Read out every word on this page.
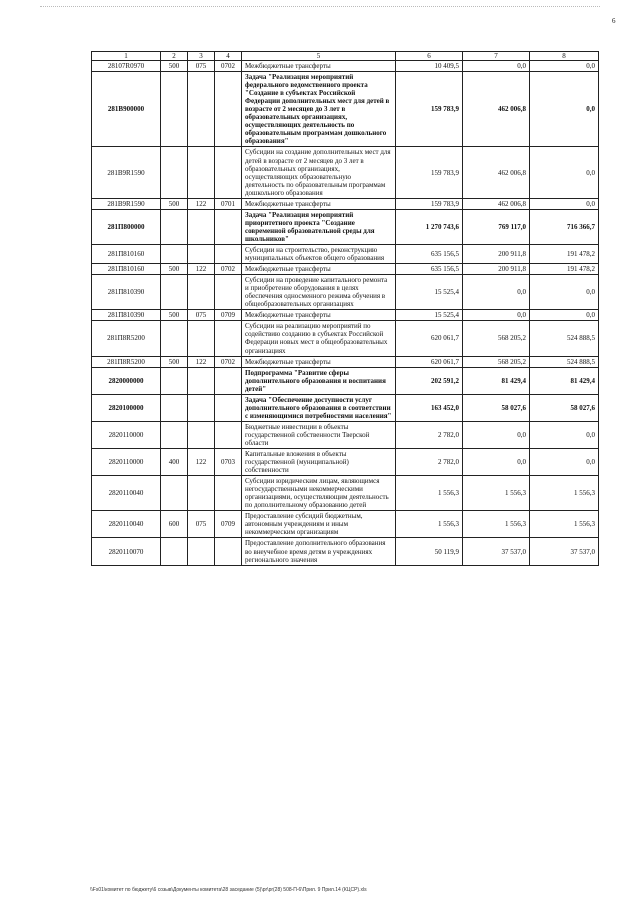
6
1	2	3	4	5	6	7	8
28107R0970	500	075	0702	Межбюджетные трансферты	10 409,5	0,0	0,0
281В900000				Задача "Реализация мероприятий федерального ведомственного проекта "Создание в субъектах Российской Федерации дополнительных мест для детей в возрасте от 2 месяцев до 3 лет в образовательных организациях, осуществляющих деятельность по образовательным программам дошкольного образования"	159 783,9	462 006,8	0,0
281В9R1590				Субсидии на создание дополнительных мест для детей в возрасте от 2 месяцев до 3 лет в образовательных организациях, осуществляющих образовательную деятельность по образовательным программам дошкольного образования	159 783,9	462 006,8	0,0
281В9R1590	500	122	0701	Межбюджетные трансферты	159 783,9	462 006,8	0,0
281П800000				Задача "Реализация мероприятий приоритетного проекта "Создание современной образовательной среды для школьников"	1 270 743,6	769 117,0	716 366,7
281П810160				Субсидии на строительство, реконструкцию муниципальных объектов общего образования	635 156,5	200 911,8	191 478,2
281П810160	500	122	0702	Межбюджетные трансферты	635 156,5	200 911,8	191 478,2
281П810390				Субсидии на проведение капитального ремонта и приобретение оборудования в целях обеспечения односменного режима обучения в общеобразовательных организациях	15 525,4	0,0	0,0
281П810390	500	075	0709	Межбюджетные трансферты	15 525,4	0,0	0,0
281П8R5200				Субсидии на реализацию мероприятий по содействию созданию в субъектах Российской Федерации новых мест в общеобразовательных организациях	620 061,7	568 205,2	524 888,5
281П8R5200	500	122	0702	Межбюджетные трансферты	620 061,7	568 205,2	524 888,5
2820000000				Подпрограмма "Развитие сферы дополнительного образования и воспитания детей"	202 591,2	81 429,4	81 429,4
2820100000				Задача "Обеспечение доступности услуг дополнительного образования в соответствии с изменяющимися потребностями населения"	163 452,0	58 027,6	58 027,6
2820110000				Бюджетные инвестиции в объекты государственной собственности Тверской области	2 782,0	0,0	0,0
2820110000	400	122	0703	Капитальные вложения в объекты государственной (муниципальной) собственности	2 782,0	0,0	0,0
2820110040				Субсидии юридическим лицам, являющимся негосударственными некоммерческими организациями, осуществляющим деятельность по дополнительному образованию детей	1 556,3	1 556,3	1 556,3
2820110040	600	075	0709	Предоставление субсидий бюджетным, автономным учреждениям и иным некоммерческим организациям	1 556,3	1 556,3	1 556,3
2820110070				Предоставление дополнительного образования во внеучебное время детям в учреждениях регионального значения	50 119,9	37 537,0	37 537,0
\\Fs01\комитет по бюджету\6 созыв\Документы комитета\28 заседание (5)\pr\pr(28) 508-П-6\Прил. 9 Прил.14 (КЦСР).xls
